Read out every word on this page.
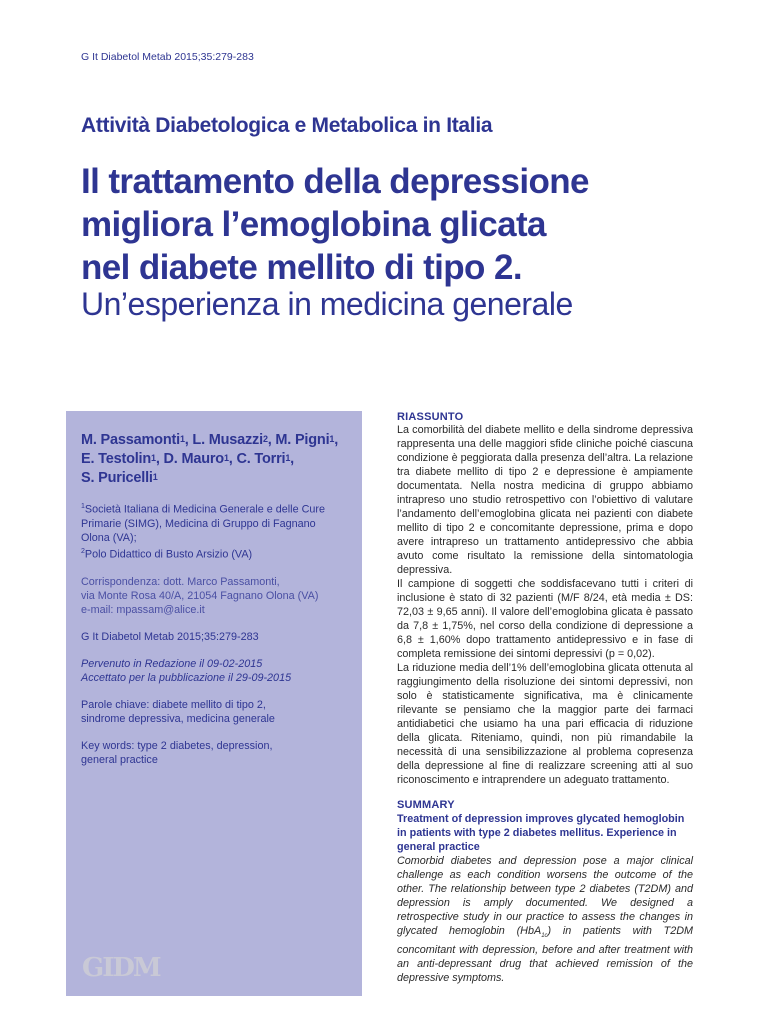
G It Diabetol Metab 2015;35:279-283
Attività Diabetologica e Metabolica in Italia
Il trattamento della depressione
migliora l’emoglobina glicata
nel diabete mellito di tipo 2.
Un’esperienza in medicina generale
M. Passamonti$^1$, L. Musazzi$^2$, M. Pigni$^1$,
E. Testolin$^1$, D. Mauro$^1$, C. Torri$^1$,
S. Puricelli$^1$
$^1$Società Italiana di Medicina Generale e delle Cure Primarie (SIMG), Medicina di Gruppo di Fagnano Olona (VA);
$^2$Polo Didattico di Busto Arsizio (VA)
Corrispondenza: dott. Marco Passamonti,
via Monte Rosa 40/A, 21054 Fagnano Olona (VA)
e-mail: mpassam@alice.it
G It Diabetol Metab 2015;35:279-283
Pervenuto in Redazione il 09-02-2015
Accettato per la pubblicazione il 29-09-2015
Parole chiave: diabete mellito di tipo 2,
sindrome depressiva, medicina generale
Key words: type 2 diabetes, depression,
general practice
RIASSUNTO

La comorbilità del diabete mellito e della sindrome depressiva rappresenta una delle maggiori sfide cliniche poiché ciascuna condizione è peggiorata dalla presenza dell’altra. La relazione tra diabete mellito di tipo 2 e depressione è ampiamente documentata. Nella nostra medicina di gruppo abbiamo intrapreso uno studio retrospettivo con l’obiettivo di valutare l’andamento dell’emoglobina glicata nei pazienti con diabete mellito di tipo 2 e concomitante depressione, prima e dopo avere intrapreso un trattamento antidepressivo che abbia avuto come risultato la remissione della sintomatologia depressiva.

Il campione di soggetti che soddisfacevano tutti i criteri di inclusione è stato di 32 pazienti (M/F 8/24, età media ± DS: 72,03 ± 9,65 anni). Il valore dell’emoglobina glicata è passato da 7,8 ± 1,75%, nel corso della condizione di depressione a 6,8 ± 1,60% dopo trattamento antidepressivo e in fase di completa remissione dei sintomi depressivi (p = 0,02).

La riduzione media dell’1% dell’emoglobina glicata ottenuta al raggiungimento della risoluzione dei sintomi depressivi, non solo è statisticamente significativa, ma è clinicamente rilevante se pensiamo che la maggior parte dei farmaci antidiabetici che usiamo ha una pari efficacia di riduzione della glicata. Riteniamo, quindi, non più rimandabile la necessità di una sensibilizzazione al problema copresenza della depressione al fine di realizzare screening atti al suo riconoscimento e intraprendere un adeguato trattamento.

SUMMARY
Treatment of depression improves glycated hemoglobin in patients with type 2 diabetes mellitus. Experience in general practice
Comorbid diabetes and depression pose a major clinical challenge as each condition worsens the outcome of the other. The relationship between type 2 diabetes (T2DM) and depression is amply documented. We designed a retrospective study in our practice to assess the changes in glycated hemoglobin (HbA$_{1c}$) in patients with T2DM concomitant with depression, before and after treatment with an anti-depressant drug that achieved remission of the depressive symptoms.
GIDM
